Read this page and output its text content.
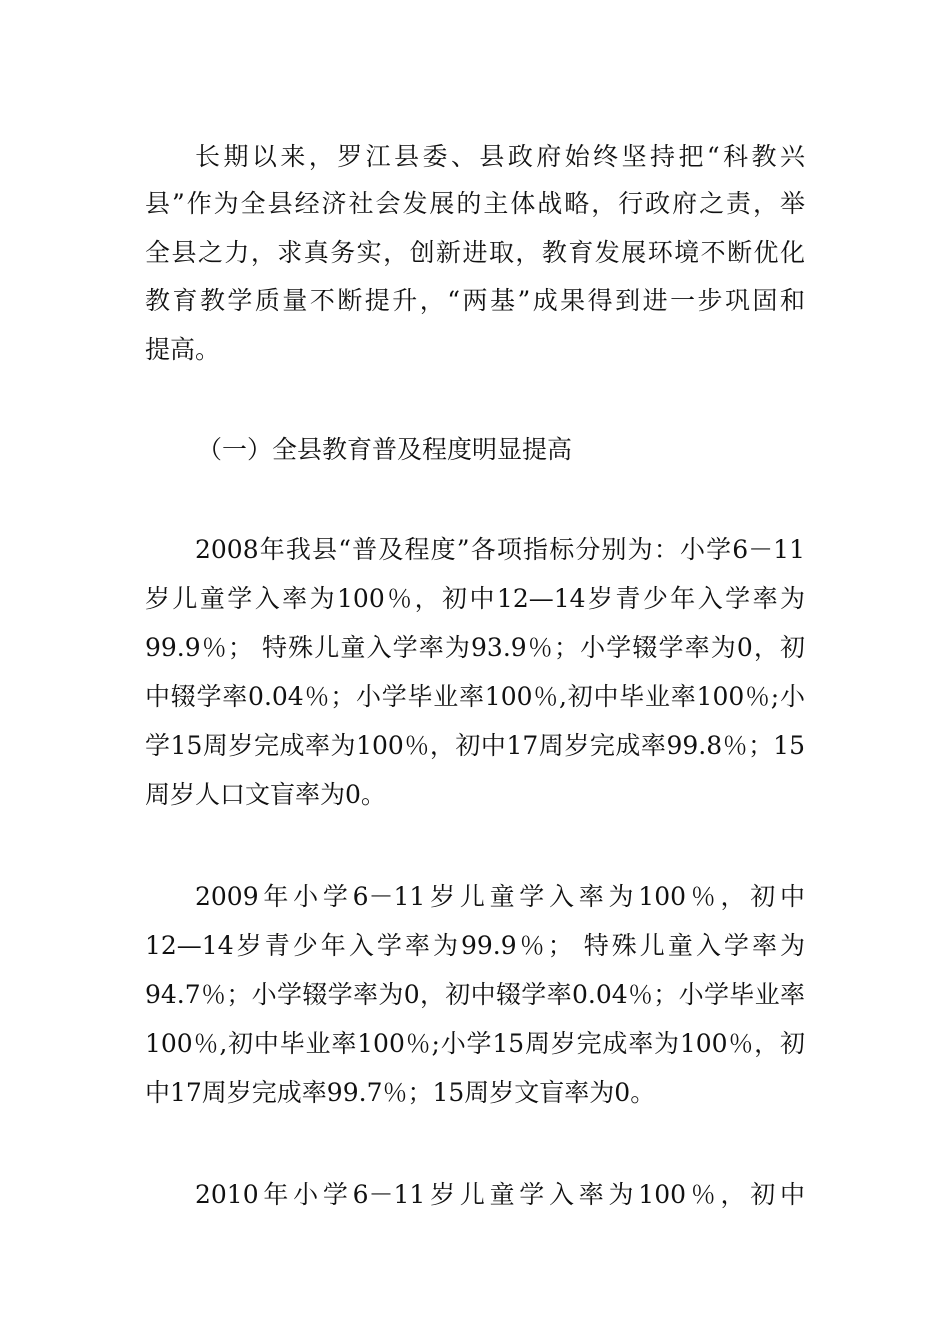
长期以来，罗江县委、县政府始终坚持把“科教兴
县”作为全县经济社会发展的主体战略，行政府之责，举
全县之力，求真务实，创新进取，教育发展环境不断优化
教育教学质量不断提升，“两基”成果得到进一步巩固和
提高。
（一）全县教育普及程度明显提高
2008年我县“普及程度”各项指标分别为：小学6－11
岁儿童学入率为100％，初中12—14岁青少年入学率为
99.9％； 特殊儿童入学率为93.9％；小学辍学率为0，初
中辍学率0.04％；小学毕业率100％,初中毕业率100％;小
学15周岁完成率为100％，初中17周岁完成率99.8％；15
周岁人口文盲率为0。
2009年小学6－11岁儿童学入率为100％，初中
12—14岁青少年入学率为99.9％； 特殊儿童入学率为
94.7％；小学辍学率为0，初中辍学率0.04％；小学毕业率
100％,初中毕业率100％;小学15周岁完成率为100％，初
中17周岁完成率99.7％；15周岁文盲率为0。
2010年小学6－11岁儿童学入率为100％，初中
